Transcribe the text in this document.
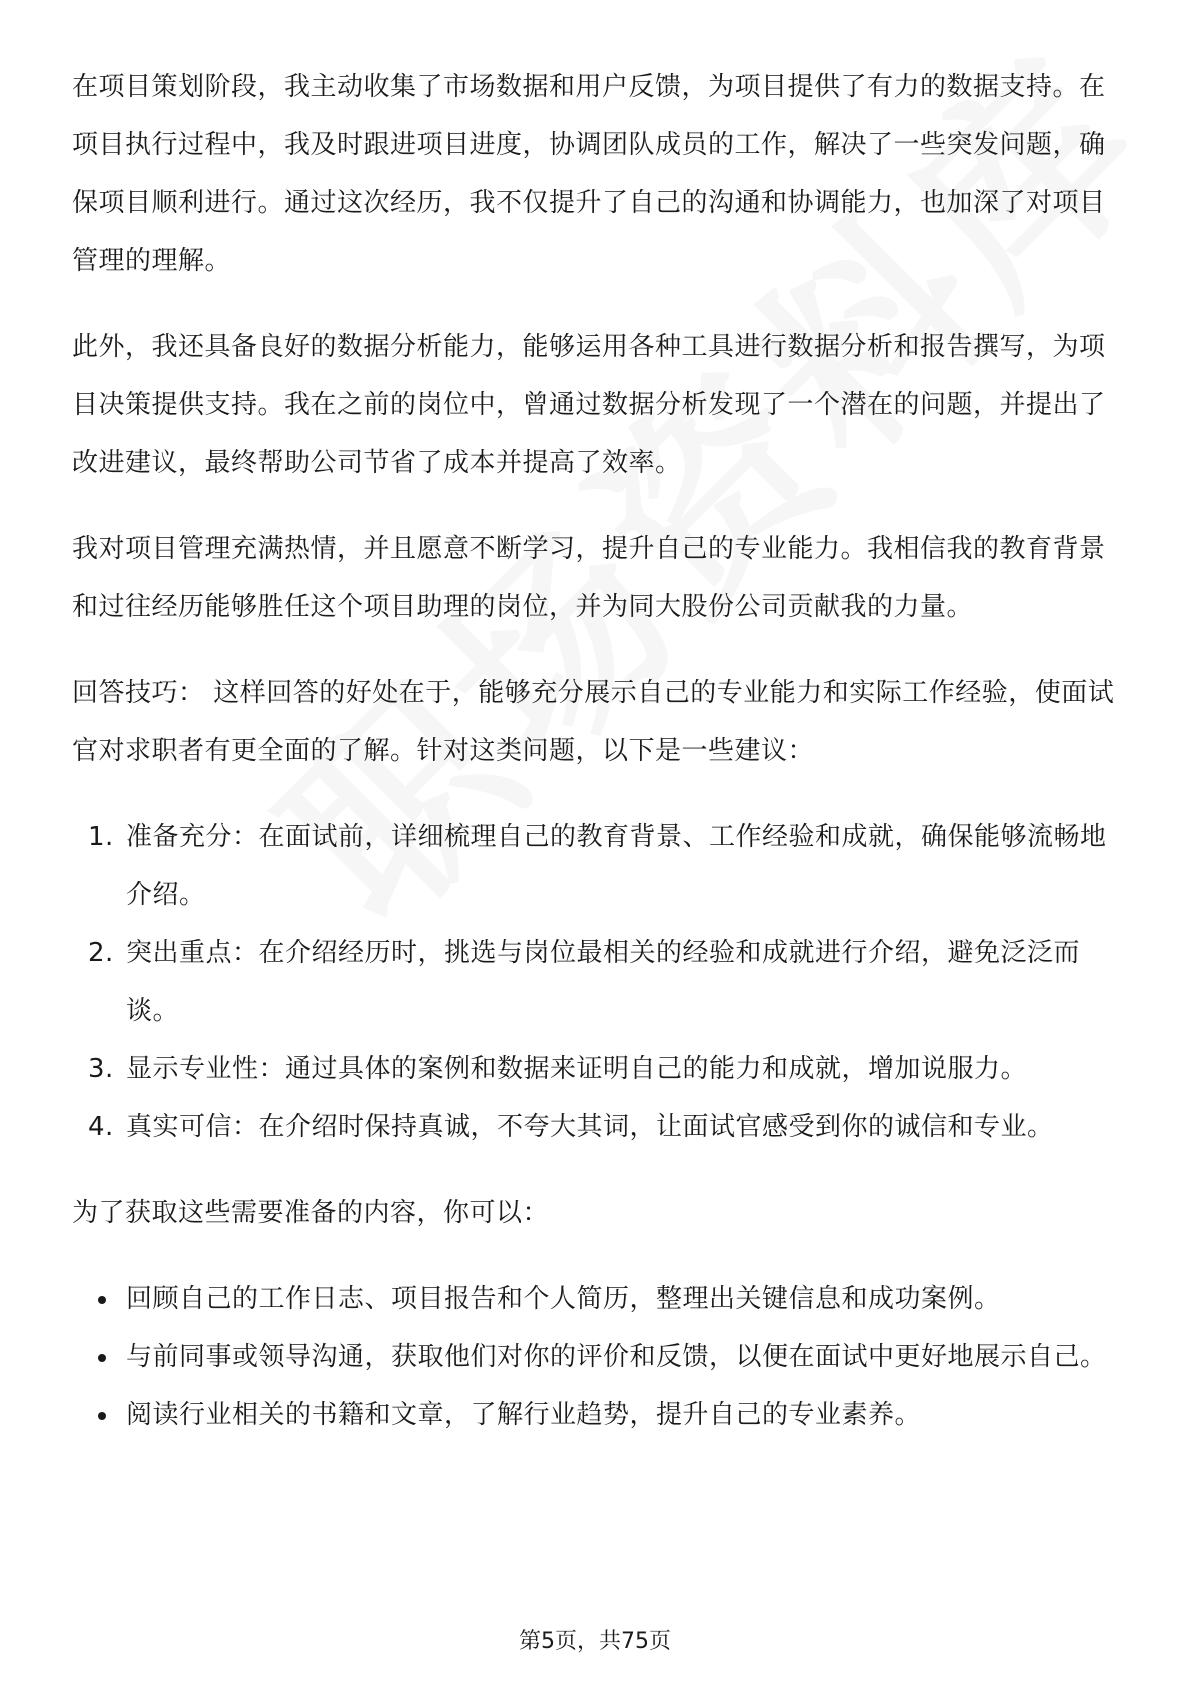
在项目策划阶段，我主动收集了市场数据和用户反馈，为项目提供了有力的数据支持。在项目执行过程中，我及时跟进项目进度，协调团队成员的工作，解决了一些突发问题，确保项目顺利进行。通过这次经历，我不仅提升了自己的沟通和协调能力，也加深了对项目管理的理解。

此外，我还具备良好的数据分析能力，能够运用各种工具进行数据分析和报告撰写，为项目决策提供支持。我在之前的岗位中，曾通过数据分析发现了一个潜在的问题，并提出了改进建议，最终帮助公司节省了成本并提高了效率。

我对项目管理充满热情，并且愿意不断学习，提升自己的专业能力。我相信我的教育背景和过往经历能够胜任这个项目助理的岗位，并为同大股份公司贡献我的力量。

回答技巧： 这样回答的好处在于，能够充分展示自己的专业能力和实际工作经验，使面试官对求职者有更全面的了解。针对这类问题，以下是一些建议：

1. 准备充分：在面试前，详细梳理自己的教育背景、工作经验和成就，确保能够流畅地介绍。
2. 突出重点：在介绍经历时，挑选与岗位最相关的经验和成就进行介绍，避免泛泛而谈。
3. 显示专业性：通过具体的案例和数据来证明自己的能力和成就，增加说服力。
4. 真实可信：在介绍时保持真诚，不夸大其词，让面试官感受到你的诚信和专业。

为了获取这些需要准备的内容，你可以：

回顾自己的工作日志、项目报告和个人简历，整理出关键信息和成功案例。
与前同事或领导沟通，获取他们对你的评价和反馈，以便在面试中更好地展示自己。
阅读行业相关的书籍和文章，了解行业趋势，提升自己的专业素养。
第5页，共75页
